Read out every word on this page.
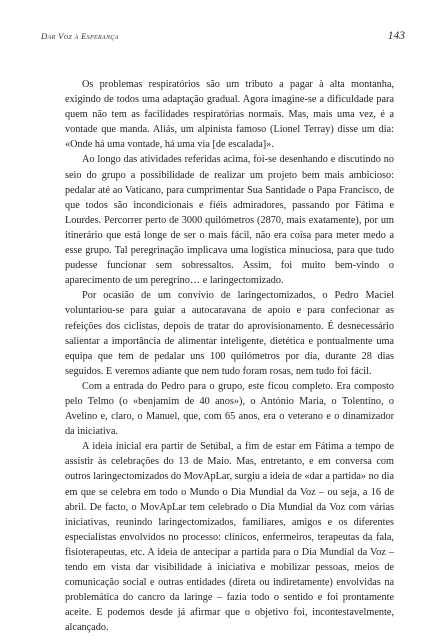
Dar Voz à Esperança	143

Os problemas respiratórios são um tributo a pagar à alta montanha, exigindo de todos uma adaptação gradual. Agora imagine-se a dificuldade para quem não tem as facilidades respiratórias normais. Mas, mais uma vez, é a vontade que manda. Aliás, um alpinista famoso (Lionel Terray) disse um dia: «Onde há uma vontade, há uma via [de escalada]».

Ao longo das atividades referidas acima, foi-se desenhando e discutindo no seio do grupo a possibilidade de realizar um projeto bem mais ambicioso: pedalar até ao Vaticano, para cumprimentar Sua Santidade o Papa Francisco, de que todos são incondicionais e fiéis admiradores, passando por Fátima e Lourdes. Percorrer perto de 3000 quilómetros (2870, mais exatamente), por um itinerário que está longe de ser o mais fácil, não era coisa para meter medo a esse grupo. Tal peregrinação implicava uma logística minuciosa, para que tudo pudesse funcionar sem sobressaltos. Assim, foi muito bem-vindo o aparecimento de um peregrino… e laringectomizado.

Por ocasião de um convívio de laringectomizados, o Pedro Maciel voluntariou-se para guiar a autocaravana de apoio e para confecionar as refeições dos ciclistas, depois de tratar do aprovisionamento. É desnecessário salientar a importância de alimentar inteligente, dietética e pontualmente uma equipa que tem de pedalar uns 100 quilómetros por dia, durante 28 dias seguidos. E veremos adiante que nem tudo foram rosas, nem tudo foi fácil.

Com a entrada do Pedro para o grupo, este ficou completo. Era composto pelo Telmo (o «benjamim de 40 anos»), o António Maria, o Tolentino, o Avelino e, claro, o Manuel, que, com 65 anos, era o veterano e o dinamizador da iniciativa.

A ideia inicial era partir de Setúbal, a fim de estar em Fátima a tempo de assistir às celebrações do 13 de Maio. Mas, entretanto, e em conversa com outros laringectomizados do MovApLar, surgiu a ideia de «dar a partida» no dia em que se celebra em todo o Mundo o Dia Mundial da Voz – ou seja, a 16 de abril. De facto, o MovApLar tem celebrado o Dia Mundial da Voz com várias iniciativas, reunindo laringectomizados, familiares, amigos e os diferentes especialistas envolvidos no processo: clínicos, enfermeiros, terapeutas da fala, fisioterapeutas, etc. A ideia de antecipar a partida para o Dia Mundial da Voz – tendo em vista dar visibilidade à iniciativa e mobilizar pessoas, meios de comunicação social e outras entidades (direta ou indiretamente) envolvidas na problemática do cancro da laringe – fazia todo o sentido e foi prontamente aceite. E podemos desde já afirmar que o objetivo foi, incontestavelmente, alcançado.
